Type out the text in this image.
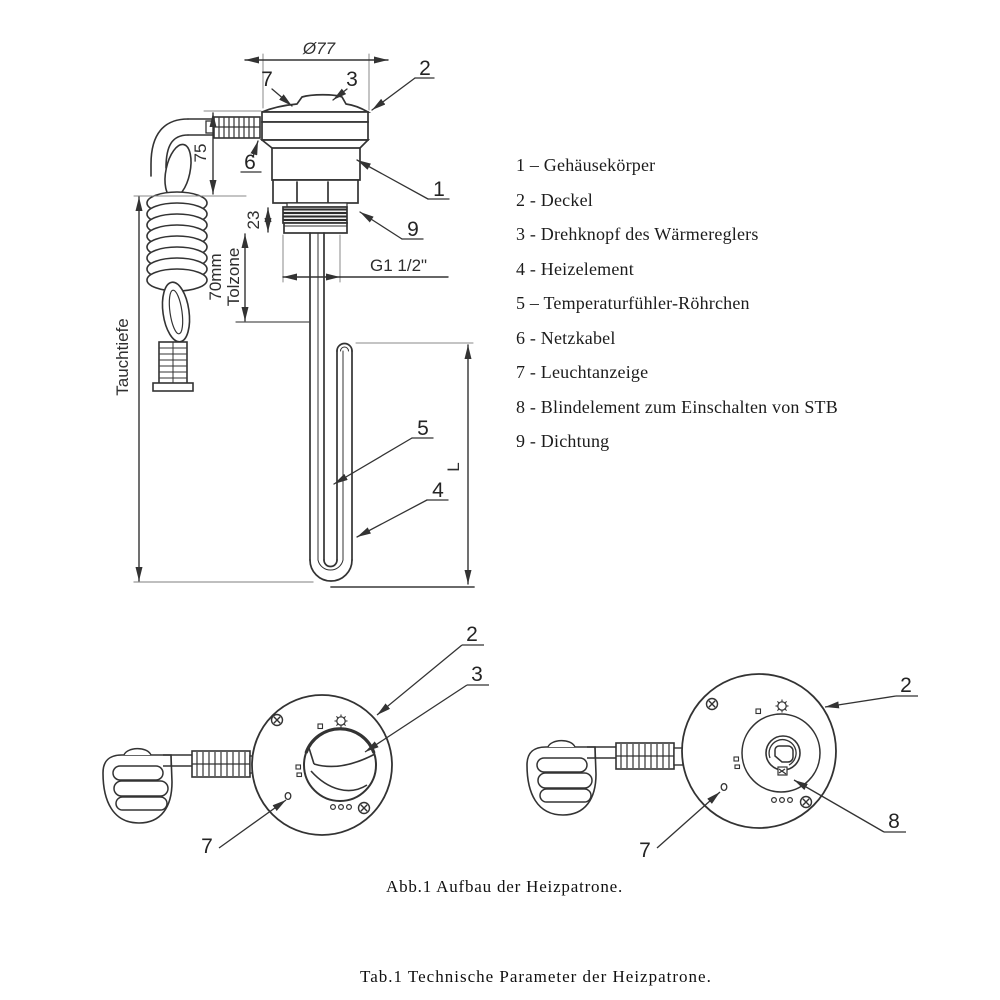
Ø77
75
23
70mm Tolzone
Tauchtiefe
G1 1/2"
L
7	3	2
6
1
9
5
4
2
3
7
2
8
7
1 – Gehäusekörper
2 - Deckel
3 - Drehknopf des Wärmereglers
4 - Heizelement
5 – Temperaturfühler-Röhrchen
6 - Netzkabel
7 - Leuchtanzeige
8 - Blindelement zum Einschalten von STB
9 - Dichtung
Abb.1 Aufbau der Heizpatrone.
Tab.1 Technische Parameter der Heizpatrone.
